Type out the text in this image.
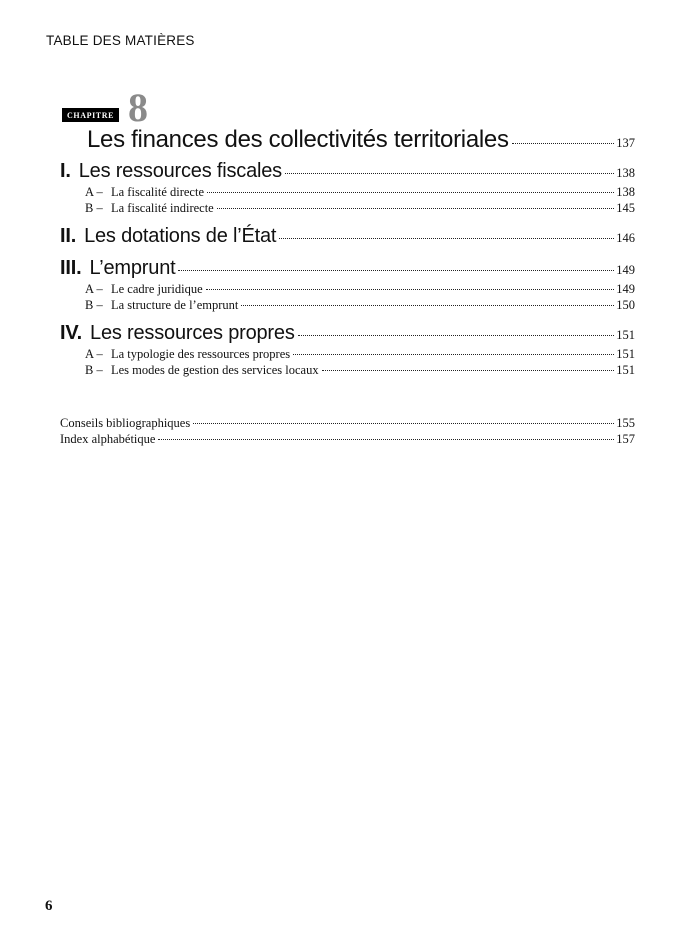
TABLE DES MATIÈRES
CHAPITRE 8
Les finances des collectivités territoriales	137
I. Les ressources fiscales	138
A – La fiscalité directe	138
B – La fiscalité indirecte	145
II. Les dotations de l’État	146
III. L’emprunt	149
A – Le cadre juridique	149
B – La structure de l’emprunt	150
IV. Les ressources propres	151
A – La typologie des ressources propres	151
B – Les modes de gestion des services locaux	151
Conseils bibliographiques	155
Index alphabétique	157
6
